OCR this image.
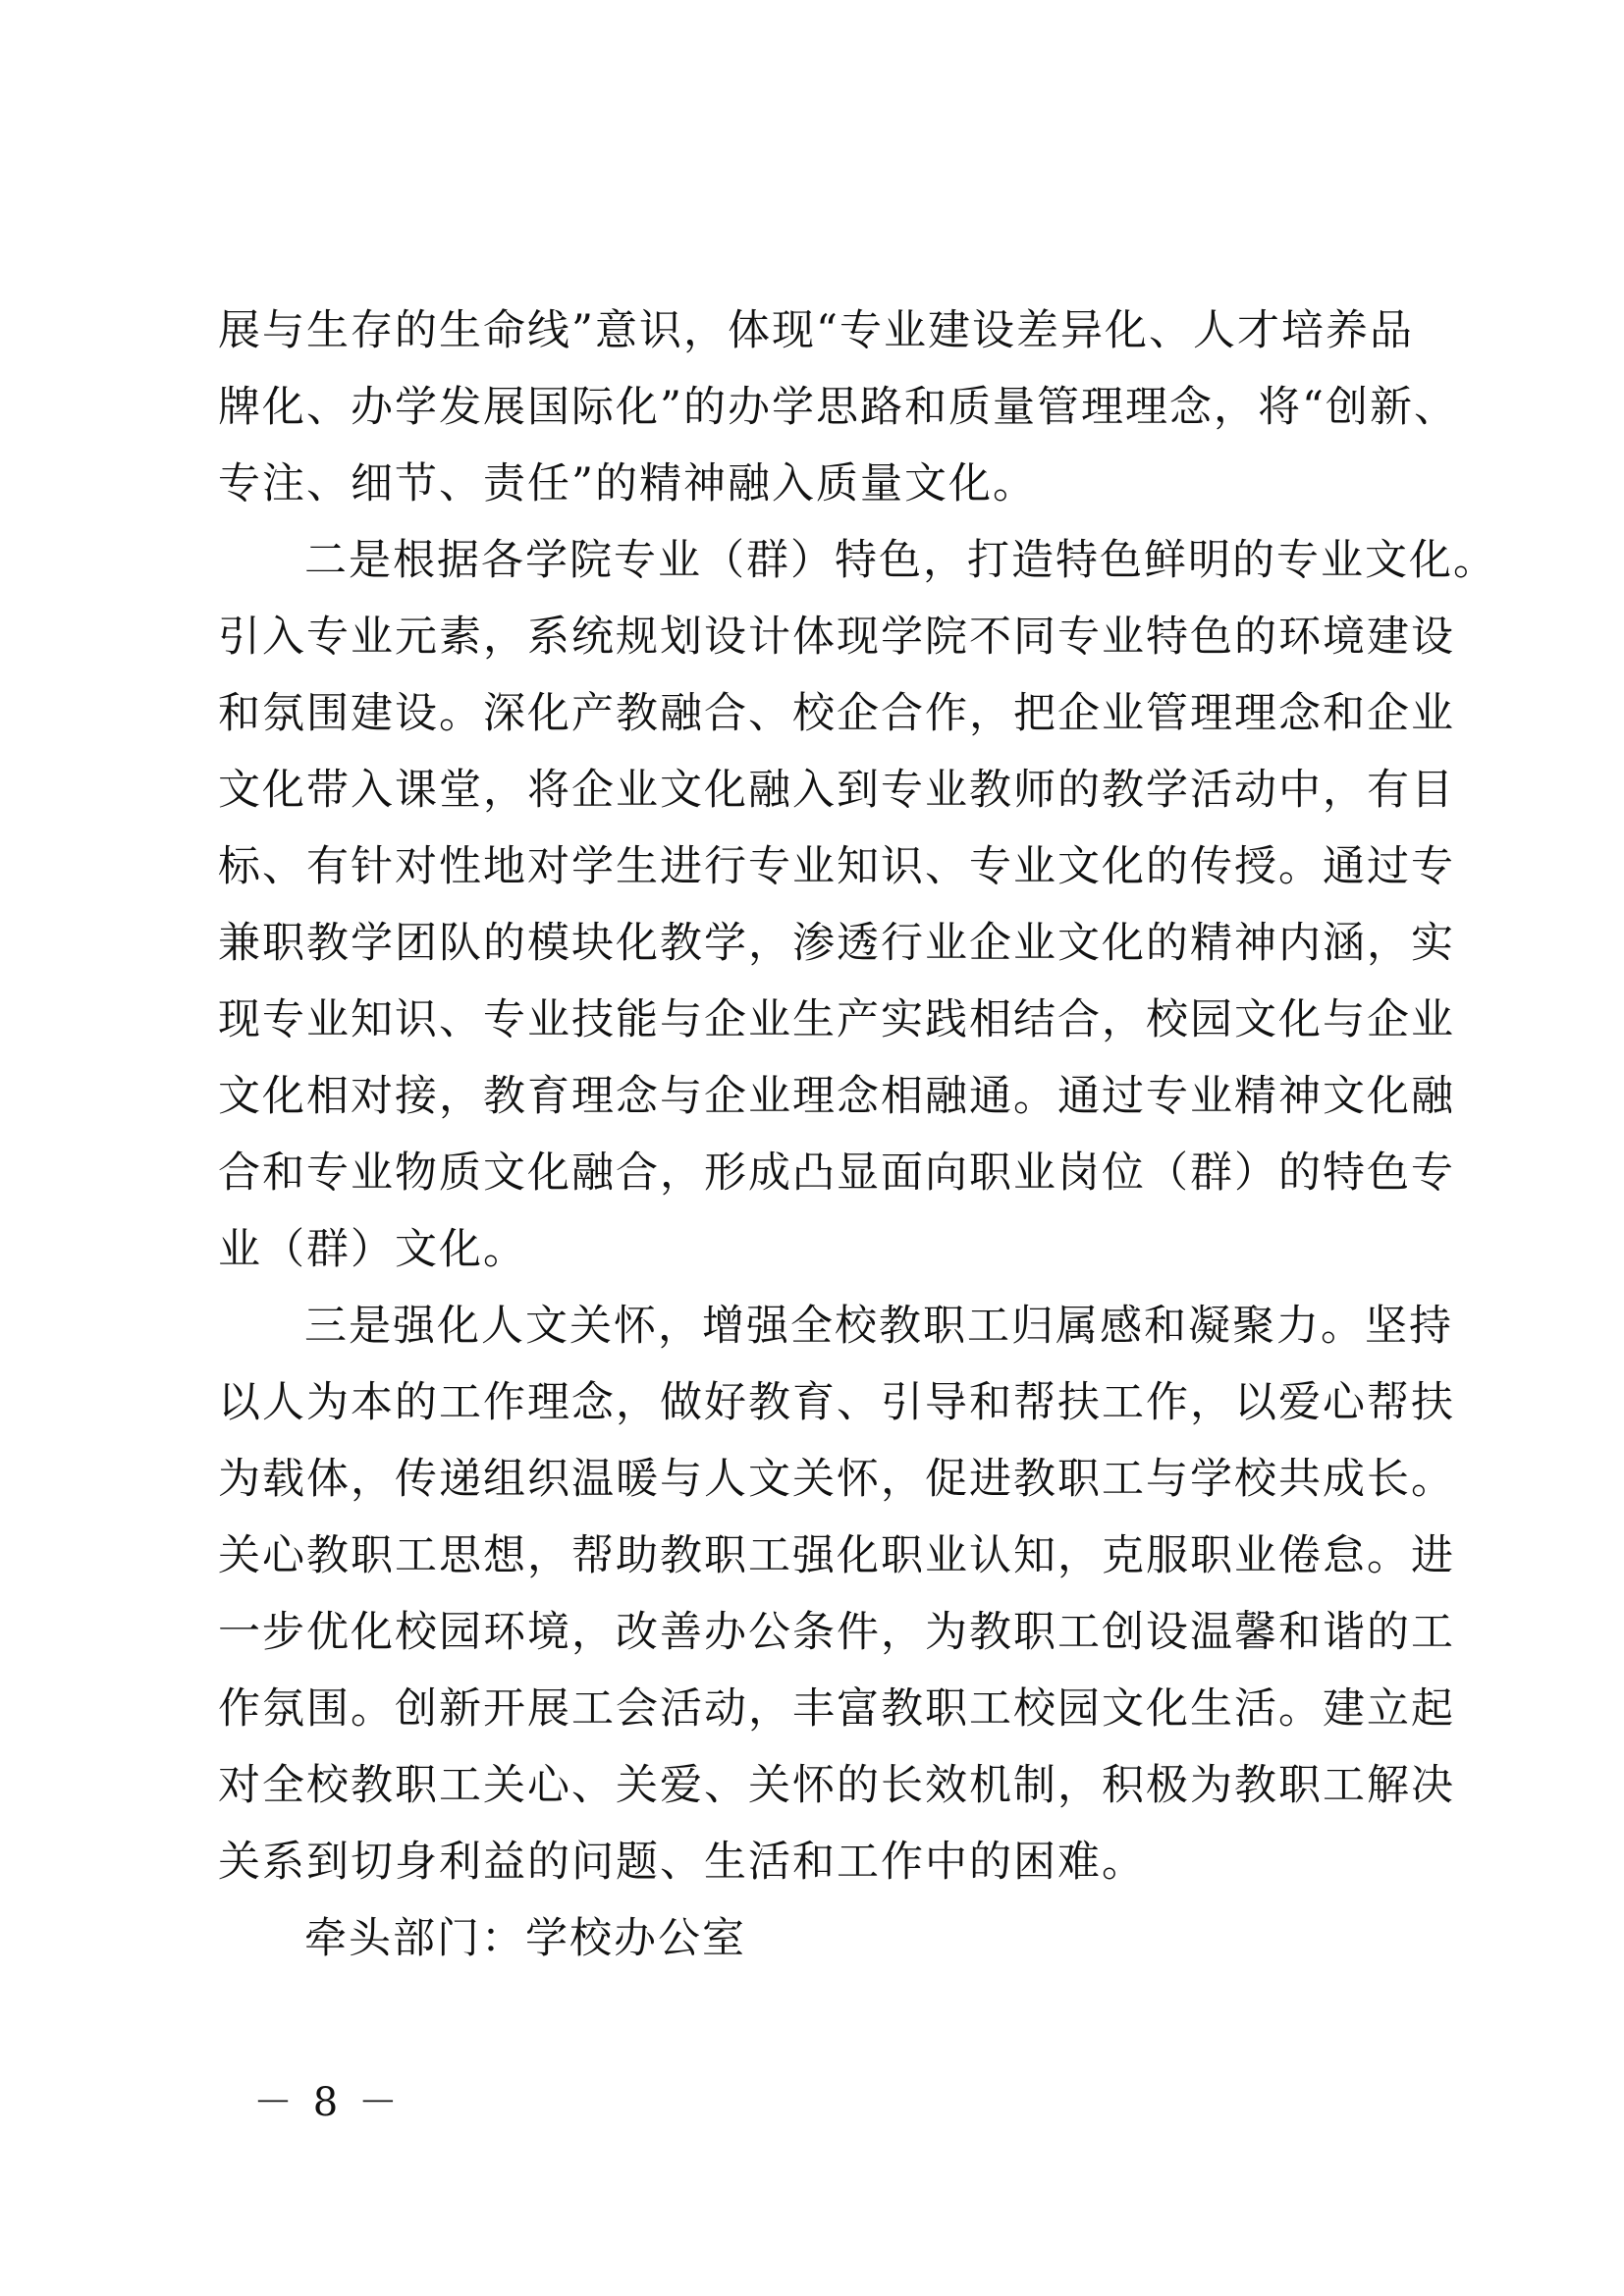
展与生存的生命线”意识，体现“专业建设差异化、人才培养品
牌化、办学发展国际化”的办学思路和质量管理理念，将“创新、
专注、细节、责任”的精神融入质量文化。
二是根据各学院专业（群）特色，打造特色鲜明的专业文化。
引入专业元素，系统规划设计体现学院不同专业特色的环境建设
和氛围建设。深化产教融合、校企合作，把企业管理理念和企业
文化带入课堂，将企业文化融入到专业教师的教学活动中，有目
标、有针对性地对学生进行专业知识、专业文化的传授。通过专
兼职教学团队的模块化教学，渗透行业企业文化的精神内涵，实
现专业知识、专业技能与企业生产实践相结合，校园文化与企业
文化相对接，教育理念与企业理念相融通。通过专业精神文化融
合和专业物质文化融合，形成凸显面向职业岗位（群）的特色专
业（群）文化。
三是强化人文关怀，增强全校教职工归属感和凝聚力。坚持
以人为本的工作理念，做好教育、引导和帮扶工作，以爱心帮扶
为载体，传递组织温暖与人文关怀，促进教职工与学校共成长。
关心教职工思想，帮助教职工强化职业认知，克服职业倦怠。进
一步优化校园环境，改善办公条件，为教职工创设温馨和谐的工
作氛围。创新开展工会活动，丰富教职工校园文化生活。建立起
对全校教职工关心、关爱、关怀的长效机制，积极为教职工解决
关系到切身利益的问题、生活和工作中的困难。
牵头部门：学校办公室
－ 8 －
